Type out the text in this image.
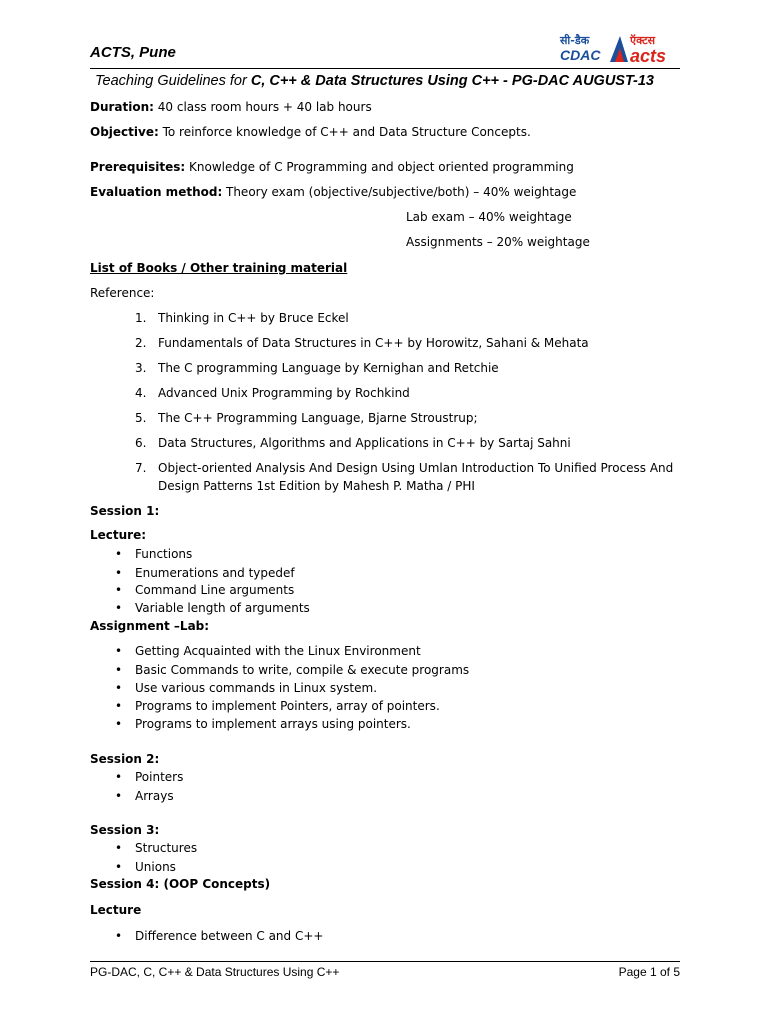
ACTS, Pune
सी-डैक
CDAC
ऍक्टस
acts
Teaching Guidelines for C, C++ & Data Structures Using C++ - PG-DAC AUGUST-13
Duration: 40 class room hours + 40 lab hours
Objective: To reinforce knowledge of C++ and Data Structure Concepts.
Prerequisites: Knowledge of C Programming and object oriented programming
Evaluation method: Theory exam (objective/subjective/both) – 40% weightage
Lab exam – 40% weightage
Assignments – 20% weightage
List of Books / Other training material
Reference:
1. Thinking in C++ by Bruce Eckel
2. Fundamentals of Data Structures in C++ by Horowitz, Sahani & Mehata
3. The C programming Language by Kernighan and Retchie
4. Advanced Unix Programming by Rochkind
5. The C++ Programming Language, Bjarne Stroustrup;
6. Data Structures, Algorithms and Applications in C++ by Sartaj Sahni
7. Object-oriented Analysis And Design Using Umlan Introduction To Unified Process And
Design Patterns 1st Edition by Mahesh P. Matha / PHI
Session 1:
Lecture:
• Functions
• Enumerations and typedef
• Command Line arguments
• Variable length of arguments
Assignment –Lab:
• Getting Acquainted with the Linux Environment
• Basic Commands to write, compile & execute programs
• Use various commands in Linux system.
• Programs to implement Pointers, array of pointers.
• Programs to implement arrays using pointers.
Session 2:
• Pointers
• Arrays
Session 3:
• Structures
• Unions
Session 4: (OOP Concepts)
Lecture
• Difference between C and C++
PG-DAC, C, C++ & Data Structures Using C++	Page 1 of 5
